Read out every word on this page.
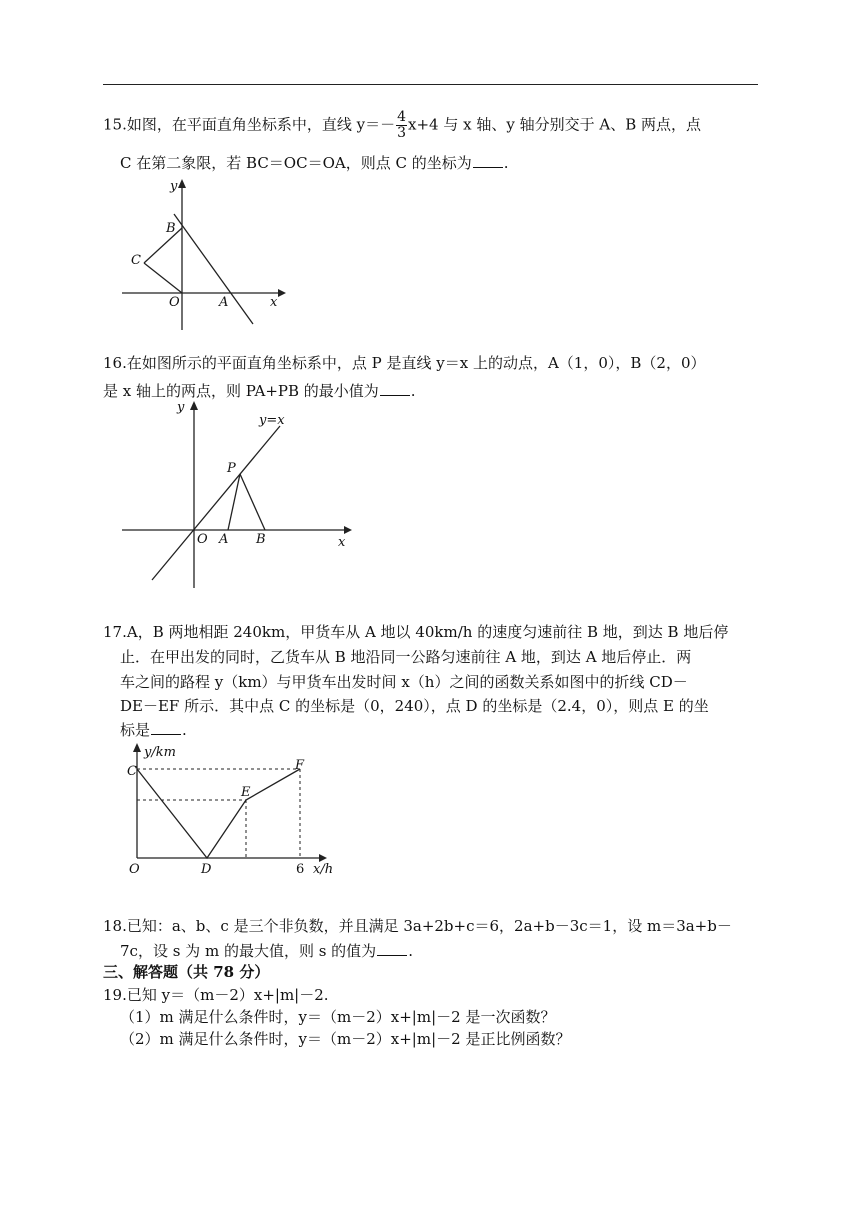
15.如图，在平面直角坐标系中，直线 $y=- \frac{4}{3} x+4$ 与 x 轴、y 轴分别交于 A、B 两点，点
C 在第二象限，若 BC＝OC＝OA，则点 C 的坐标为 .
y
x
B
C
O	A
16.在如图所示的平面直角坐标系中，点 P 是直线 y＝x 上的动点，A（1，0），B（2，0）
是 x 轴上的两点，则 PA+PB 的最小值为 .
y
x
y=x
P
O A B
17.A，B 两地相距 240km，甲货车从 A 地以 40km/h 的速度匀速前往 B 地，到达 B 地后停
止．在甲出发的同时，乙货车从 B 地沿同一公路匀速前往 A 地，到达 A 地后停止．两
车之间的路程 y（km）与甲货车出发时间 x（h）之间的函数关系如图中的折线 CD－
DE－EF 所示．其中点 C 的坐标是（0，240），点 D 的坐标是（2.4，0），则点 E 的坐
标是 .
y/km
x/h
C
E
F
O	D	6
18.已知：a、b、c 是三个非负数，并且满足 3a+2b+c＝6，2a+b－3c＝1，设 m＝3a+b－
7c，设 s 为 m 的最大值，则 s 的值为 .
三、解答题（共 78 分）
19.已知 y＝（m－2）x+|m|－2.
（1）m 满足什么条件时，y＝（m－2）x+|m|－2 是一次函数？
（2）m 满足什么条件时，y＝（m－2）x+|m|－2 是正比例函数？
